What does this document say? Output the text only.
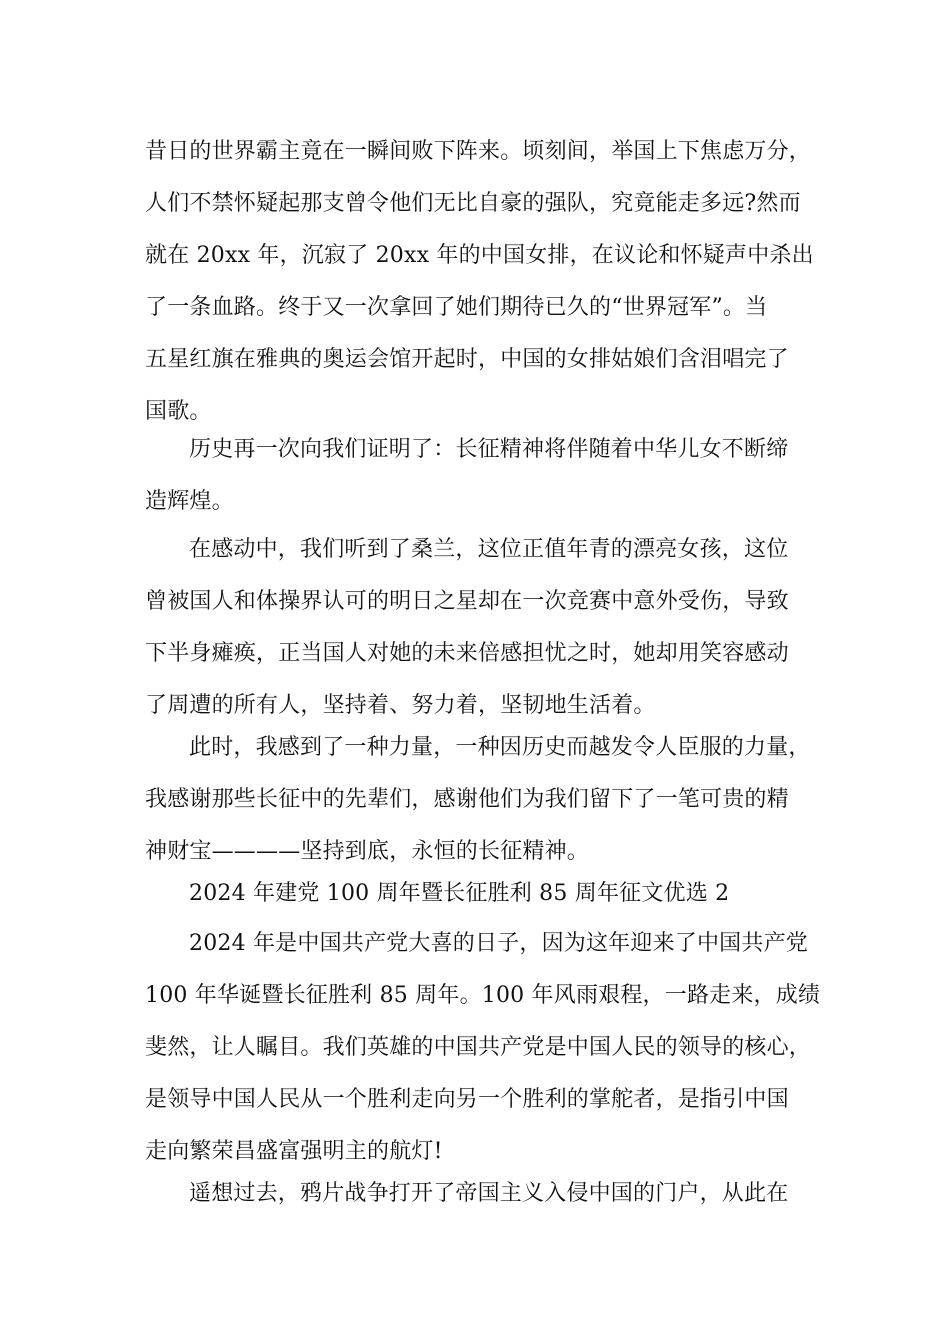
昔日的世界霸主竟在一瞬间败下阵来。顷刻间，举国上下焦虑万分，
人们不禁怀疑起那支曾令他们无比自豪的强队，究竟能走多远?然而
就在 20xx 年，沉寂了 20xx 年的中国女排，在议论和怀疑声中杀出
了一条血路。终于又一次拿回了她们期待已久的“世界冠军”。当
五星红旗在雅典的奥运会馆开起时，中国的女排姑娘们含泪唱完了
国歌。
历史再一次向我们证明了：长征精神将伴随着中华儿女不断缔
造辉煌。
在感动中，我们听到了桑兰，这位正值年青的漂亮女孩，这位
曾被国人和体操界认可的明日之星却在一次竞赛中意外受伤，导致
下半身瘫痪，正当国人对她的未来倍感担忧之时，她却用笑容感动
了周遭的所有人，坚持着、努力着，坚韧地生活着。
此时，我感到了一种力量，一种因历史而越发令人臣服的力量，
我感谢那些长征中的先辈们，感谢他们为我们留下了一笔可贵的精
神财宝————坚持到底，永恒的长征精神。
2024 年建党 100 周年暨长征胜利 85 周年征文优选 2
2024 年是中国共产党大喜的日子，因为这年迎来了中国共产党
100 年华诞暨长征胜利 85 周年。100 年风雨艰程，一路走来，成绩
斐然，让人瞩目。我们英雄的中国共产党是中国人民的领导的核心，
是领导中国人民从一个胜利走向另一个胜利的掌舵者，是指引中国
走向繁荣昌盛富强明主的航灯!
遥想过去，鸦片战争打开了帝国主义入侵中国的门户，从此在
